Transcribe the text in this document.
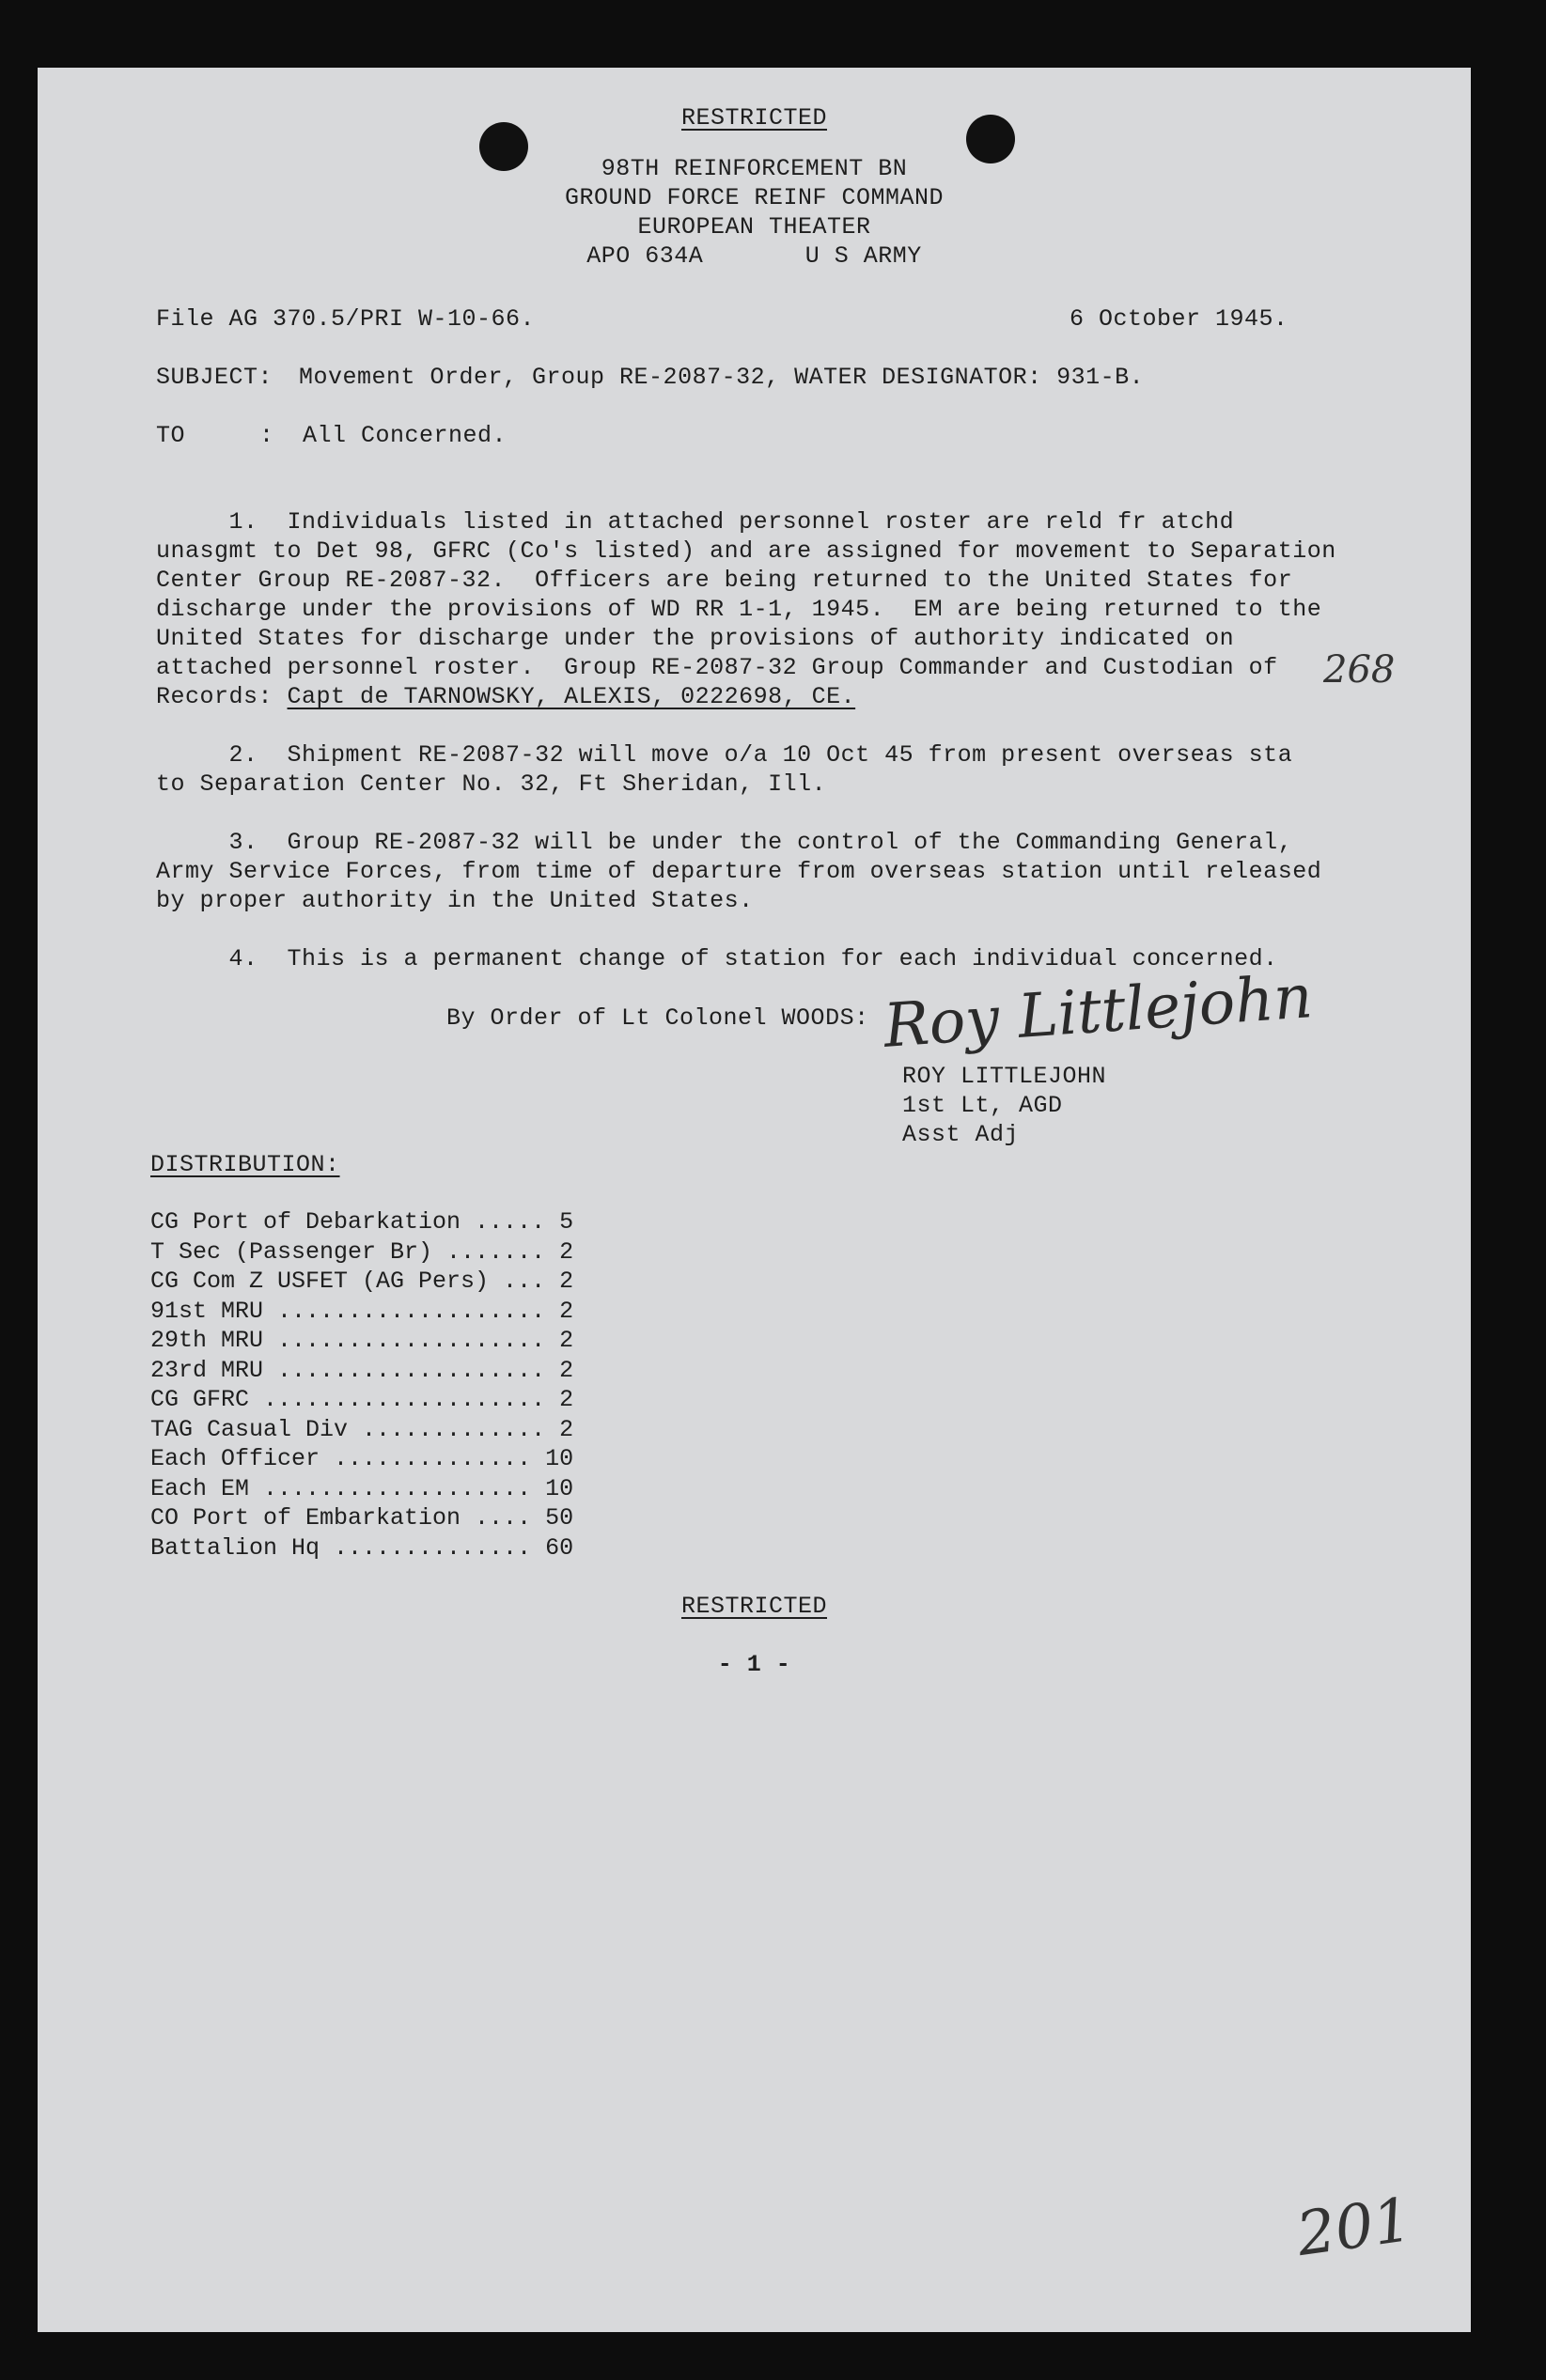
RESTRICTED
98TH REINFORCEMENT BN
GROUND FORCE REINF COMMAND
EUROPEAN THEATER
APO 634A       U S ARMY
File AG 370.5/PRI W-10-66.	6 October 1945.
SUBJECT: Movement Order, Group RE-2087-32, WATER DESIGNATOR: 931-B.
TO	: All Concerned.
1.  Individuals listed in attached personnel roster are reld fr atchd
unasgmt to Det 98, GFRC (Co's listed) and are assigned for movement to Separation
Center Group RE-2087-32.  Officers are being returned to the United States for
discharge under the provisions of WD RR 1-1, 1945.  EM are being returned to the
United States for discharge under the provisions of authority indicated on
attached personnel roster.  Group RE-2087-32 Group Commander and Custodian of
Records: Capt de TARNOWSKY, ALEXIS, 0222698, CE.
268
2.  Shipment RE-2087-32 will move o/a 10 Oct 45 from present overseas sta
to Separation Center No. 32, Ft Sheridan, Ill.
3.  Group RE-2087-32 will be under the control of the Commanding General,
Army Service Forces, from time of departure from overseas station until released
by proper authority in the United States.
4.  This is a permanent change of station for each individual concerned.
By Order of Lt Colonel WOODS: Roy Littlejohn
ROY LITTLEJOHN
1st Lt, AGD
Asst Adj
DISTRIBUTION:
CG Port of Debarkation ..... 5
T Sec (Passenger Br) ....... 2
CG Com Z USFET (AG Pers) ... 2
91st MRU ................... 2
29th MRU ................... 2
23rd MRU ................... 2
CG GFRC .................... 2
TAG Casual Div ............. 2
Each Officer .............. 10
Each EM ................... 10
CO Port of Embarkation .... 50
Battalion Hq .............. 60
RESTRICTED
- 1 -
201
